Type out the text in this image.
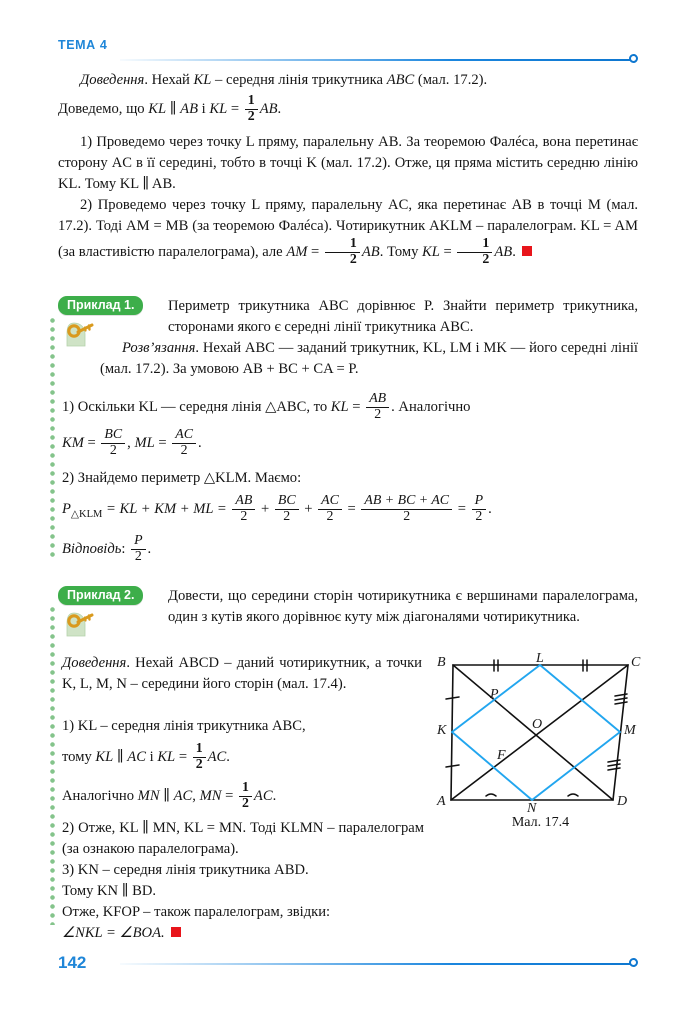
ТЕМА 4
Доведення. Нехай KL – середня лінія трикутника ABC (мал. 17.2).
Доведемо, що KL ∥ AB і KL = $\frac{1}{2}$ AB.
1) Проведемо через точку L пряму, паралельну AB. За теоремою Фалéса, вона перетинає сторону AC в її середині, тобто в точці K (мал. 17.2). Отже, ця пряма містить середню лінію KL. Тому KL ∥ AB.
2) Проведемо через точку L пряму, паралельну AC, яка перетинає AB в точці M (мал. 17.2). Тоді AM = MB (за теоремою Фалéса). Чотирикутник AKLM – паралелограм. KL = AM (за властивістю паралелограма), але AM = $\frac{1}{2}$ AB. Тому KL = $\frac{1}{2}$ AB.
Приклад 1.	Периметр трикутника ABC дорівнює P. Знайти периметр трикутника, сторонами якого є середні лінії трикутника ABC.
Розв’язання. Нехай ABC — заданий трикутник, KL, LM і MK — його середні лінії (мал. 17.2). За умовою AB + BC + CA = P.
1) Оскільки KL — середня лінія △ABC, то KL = $\frac{AB}{2}$ . Аналогічно
KM = $\frac{BC}{2}$ , ML = $\frac{AC}{2}$ .
2) Знайдемо периметр △KLM. Маємо:
$P_{\triangle KLM}$ = KL + KM + ML = $\frac{AB}{2} + \frac{BC}{2} + \frac{AC}{2} = \frac{AB + BC + AC}{2} = \frac{P}{2}$ .
Відповідь: $\frac{P}{2}$ .
Приклад 2.	Довести, що середини сторін чотирикутника є вершинами паралелограма, один з кутів якого дорівнює куту між діагоналями чотирикутника.
Доведення. Нехай ABCD – даний чотирикутник, а точки K, L, M, N – середини його сторін (мал. 17.4).
1) KL – середня лінія трикутника ABC,
тому KL ∥ AC і KL = $\frac{1}{2}$ AC.
Аналогічно MN ∥ AC, MN = $\frac{1}{2}$ AC.
2) Отже, KL ∥ MN, KL = MN. Тоді KLMN – паралелограм (за ознакою паралелограма).
3) KN – середня лінія трикутника ABD.
Тому KN ∥ BD.
Отже, KFOP – також паралелограм, звідки:
∠NKL = ∠BOA.
B	L	C
K	M
P
O
F
A	N	D
Мал. 17.4
142
